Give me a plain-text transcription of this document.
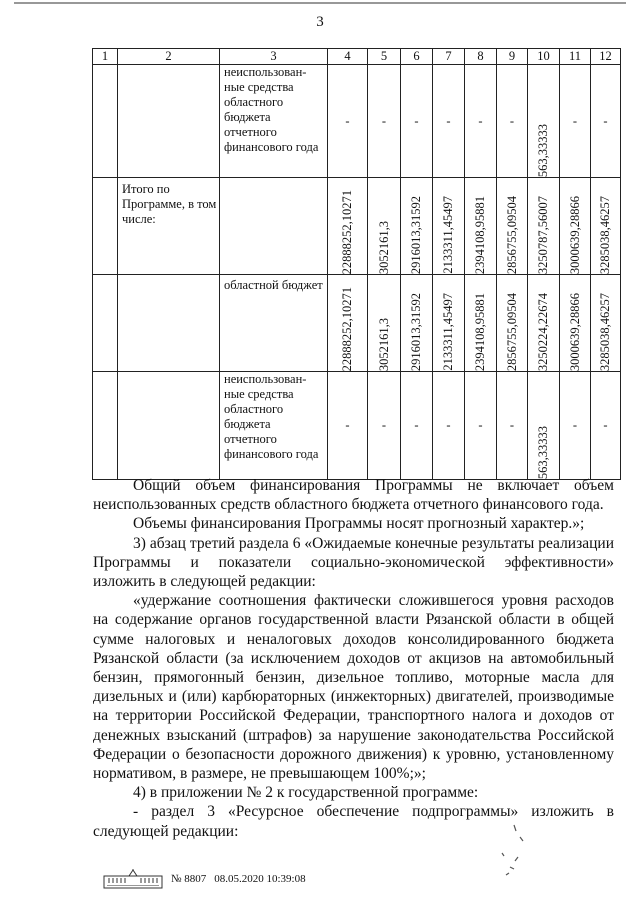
3
1	2	3	4	5	6	7	8	9	10	11	12
		неиспользован-ные средства областного бюджета отчетного финансового года	-	-	-	-	-	-	563,33333	-	-
	Итого по Программе, в том числе:		22888252,10271	3052161,3	2916013,31592	2133311,45497	2394108,95881	2856755,09504	3250787,56007	3000639,28866	3285038,46257

		областной бюджет	22888252,10271	3052161,3	2916013,31592	2133311,45497	2394108,95881	2856755,09504	3250224,22674	3000639,28866	3285038,46257

		неиспользован-ные средства областного бюджета отчетного финансового года	-	-	-	-	-	-	563,33333	-	-

Общий объем финансирования Программы не включает объем неиспользованных средств областного бюджета отчетного финансового года.

Объемы финансирования Программы носят прогнозный характер.»;

3) абзац третий раздела 6 «Ожидаемые конечные результаты реализации Программы и показатели социально-экономической эффективности» изложить в следующей редакции:

«удержание соотношения фактически сложившегося уровня расходов на содержание органов государственной власти Рязанской области в общей сумме налоговых и неналоговых доходов консолидированного бюджета Рязанской области (за исключением доходов от акцизов на автомобильный бензин, прямогонный бензин, дизельное топливо, моторные масла для дизельных и (или) карбюраторных (инжекторных) двигателей, производимые на территории Российской Федерации, транспортного налога и доходов от денежных взысканий (штрафов) за нарушение законодательства Российской Федерации о безопасности дорожного движения) к уровню, установленному нормативом, в размере, не превышающем 100%;»;

4) в приложении № 2 к государственной программе:

- раздел 3 «Ресурсное обеспечение подпрограммы» изложить в следующей редакции:

№ 8807 08.05.2020 10:39:08
